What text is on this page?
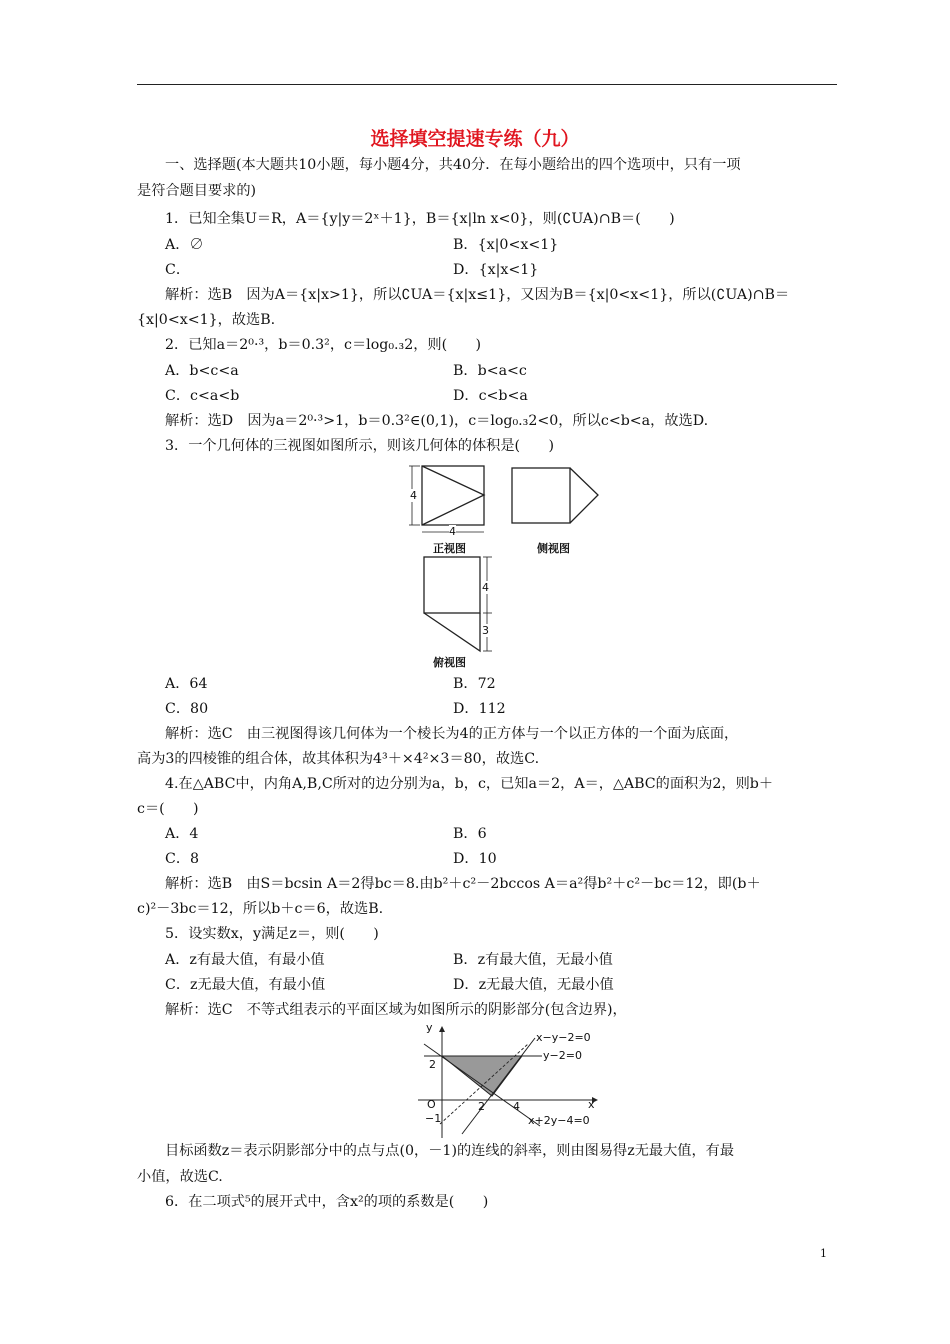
选择填空提速专练（九）
一、选择题(本大题共10小题，每小题4分，共40分．在每小题给出的四个选项中，只有一项
是符合题目要求的)
1．已知全集U＝R，A＝{y|y＝2ˣ＋1}，B＝{x|ln x<0}，则(∁UA)∩B＝(　　)
A．∅	B．{x|0<x<1}
C．	D．{x|x<1}
解析：选B　因为A＝{x|x>1}，所以∁UA＝{x|x≤1}，又因为B＝{x|0<x<1}，所以(∁UA)∩B＝
{x|0<x<1}，故选B.
2．已知a＝2⁰·³，b＝0.3²，c＝log₀.₃2，则(　　)
A．b<c<a	B．b<a<c
C．c<a<b	D．c<b<a
解析：选D　因为a＝2⁰·³>1，b＝0.3²∈(0,1)，c＝log₀.₃2<0，所以c<b<a，故选D.
3．一个几何体的三视图如图所示，则该几何体的体积是(　　)
4
4
正视图	侧视图
4
3
俯视图
A．64	B．72
C．80	D．112
解析：选C　由三视图得该几何体为一个棱长为4的正方体与一个以正方体的一个面为底面，
高为3的四棱锥的组合体，故其体积为4³＋×4²×3＝80，故选C.
4.在△ABC中，内角A,B,C所对的边分别为a，b，c，已知a＝2，A＝，△ABC的面积为2，则b＋
c＝(　　)
A．4	B．6
C．8	D．10
解析：选B　由S＝bcsin A＝2得bc＝8.由b²＋c²－2bccos A＝a²得b²＋c²－bc＝12，即(b＋
c)²－3bc＝12，所以b＋c＝6，故选B.
5．设实数x，y满足z＝，则(　　)
A．z有最大值，有最小值	B．z有最大值，无最小值
C．z无最大值，有最小值	D．z无最大值，无最小值
解析：选C　不等式组表示的平面区域为如图所示的阴影部分(包含边界)，
y
x−y−2=0
y−2=0
2
O	2	4	x
−1	x+2y−4=0
目标函数z＝表示阴影部分中的点与点(0，－1)的连线的斜率，则由图易得z无最大值，有最
小值，故选C.
6．在二项式⁵的展开式中，含x²的项的系数是(　　)
1
